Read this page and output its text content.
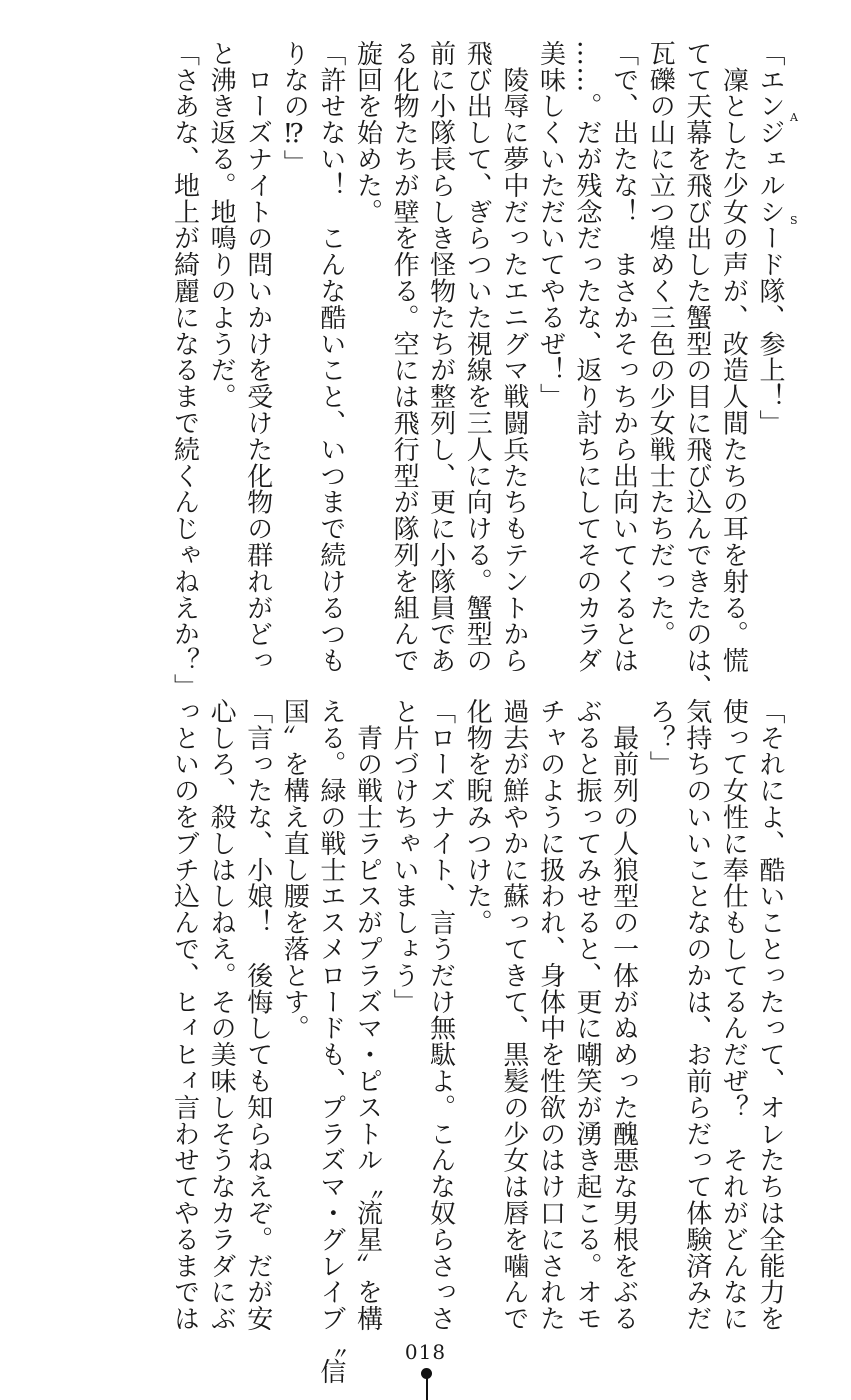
「エンジェルシード隊、参上！」
　凜とした少女の声が、改造人間たちの耳を射る。慌
てて天幕を飛び出した蟹型の目に飛び込んできたのは、
瓦礫の山に立つ煌めく三色の少女戦士たちだった。
「で、出たな！　まさかそっちから出向いてくるとは
……。だが残念だったな、返り討ちにしてそのカラダ
美味しくいただいてやるぜ！」
　陵辱に夢中だったエニグマ戦闘兵たちもテントから
飛び出して、ぎらついた視線を三人に向ける。蟹型の
前に小隊長らしき怪物たちが整列し、更に小隊員であ
る化物たちが壁を作る。空には飛行型が隊列を組んで
旋回を始めた。
「許せない！　こんな酷いこと、いつまで続けるつも
りなの⁉」
　ローズナイトの問いかけを受けた化物の群れがどっ
と沸き返る。地鳴りのようだ。
「さあな、地上が綺麗になるまで続くんじゃねえか？」
「それによ、酷いことったって、オレたちは全能力を
使って女性に奉仕もしてるんだぜ？　それがどんなに
気持ちのいいことなのかは、お前らだって体験済みだ
ろ？」
　最前列の人狼型の一体がぬめった醜悪な男根をぶる
ぶると振ってみせると、更に嘲笑が湧き起こる。オモ
チャのように扱われ、身体中を性欲のはけ口にされた
過去が鮮やかに蘇ってきて、黒髪の少女は唇を噛んで
化物を睨みつけた。
「ローズナイト、言うだけ無駄よ。こんな奴らさっさ
と片づけちゃいましょう」
　青の戦士ラピスがプラズマ・ピストル〝流星〟を構
える。緑の戦士エスメロードも、プラズマ・グレイブ〝信
国〟を構え直し腰を落とす。
「言ったな、小娘！　後悔しても知らねえぞ。だが安
心しろ、殺しはしねえ。その美味しそうなカラダにぶ
っといのをブチ込んで、ヒィヒィ言わせてやるまでは
A
S
018
